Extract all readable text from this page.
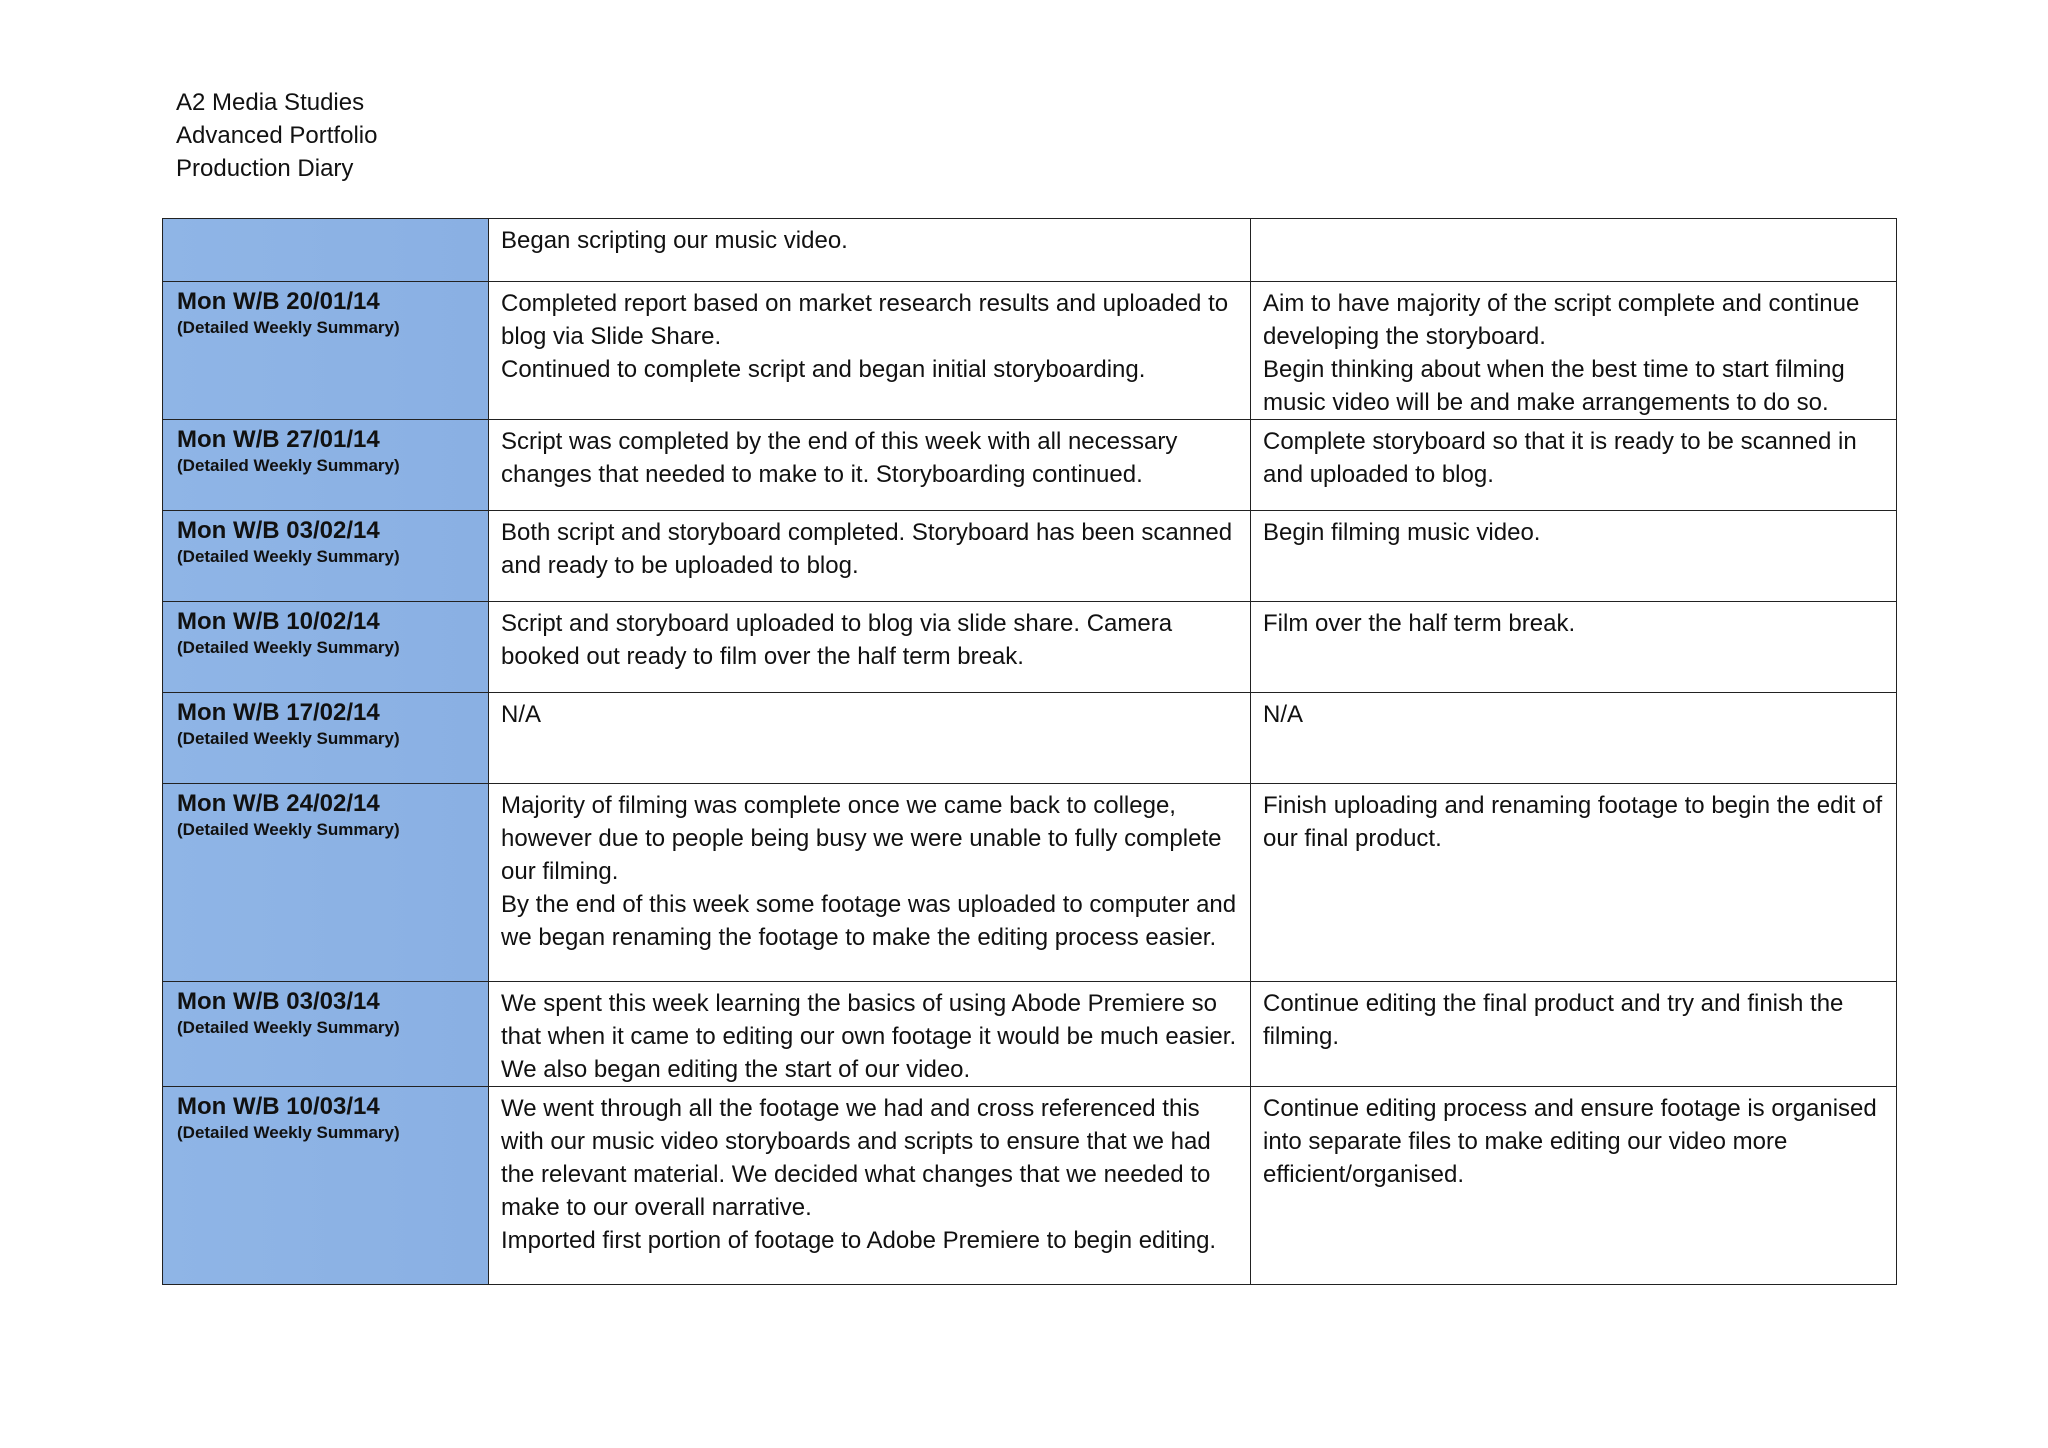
A2 Media Studies
Advanced Portfolio
Production Diary

	Began scripting our music video.	

Mon W/B 20/01/14
(Detailed Weekly Summary)	Completed report based on market research results and uploaded to blog via Slide Share.
Continued to complete script and began initial storyboarding.	Aim to have majority of the script complete and continue developing the storyboard.
Begin thinking about when the best time to start filming music video will be and make arrangements to do so.

Mon W/B 27/01/14
(Detailed Weekly Summary)	Script was completed by the end of this week with all necessary changes that needed to make to it. Storyboarding continued.	Complete storyboard so that it is ready to be scanned in and uploaded to blog.

Mon W/B 03/02/14
(Detailed Weekly Summary)	Both script and storyboard completed. Storyboard has been scanned and ready to be uploaded to blog.	Begin filming music video.

Mon W/B 10/02/14
(Detailed Weekly Summary)	Script and storyboard uploaded to blog via slide share. Camera booked out ready to film over the half term break.	Film over the half term break.

Mon W/B 17/02/14
(Detailed Weekly Summary)	N/A	N/A

Mon W/B 24/02/14
(Detailed Weekly Summary)	Majority of filming was complete once we came back to college, however due to people being busy we were unable to fully complete our filming.
By the end of this week some footage was uploaded to computer and we began renaming the footage to make the editing process easier.	Finish uploading and renaming footage to begin the edit of our final product.

Mon W/B 03/03/14
(Detailed Weekly Summary)	We spent this week learning the basics of using Abode Premiere so that when it came to editing our own footage it would be much easier. We also began editing the start of our video.	Continue editing the final product and try and finish the filming.

Mon W/B 10/03/14
(Detailed Weekly Summary)	We went through all the footage we had and cross referenced this with our music video storyboards and scripts to ensure that we had the relevant material. We decided what changes that we needed to make to our overall narrative.
Imported first portion of footage to Adobe Premiere to begin editing.	Continue editing process and ensure footage is organised into separate files to make editing our video more efficient/organised.
